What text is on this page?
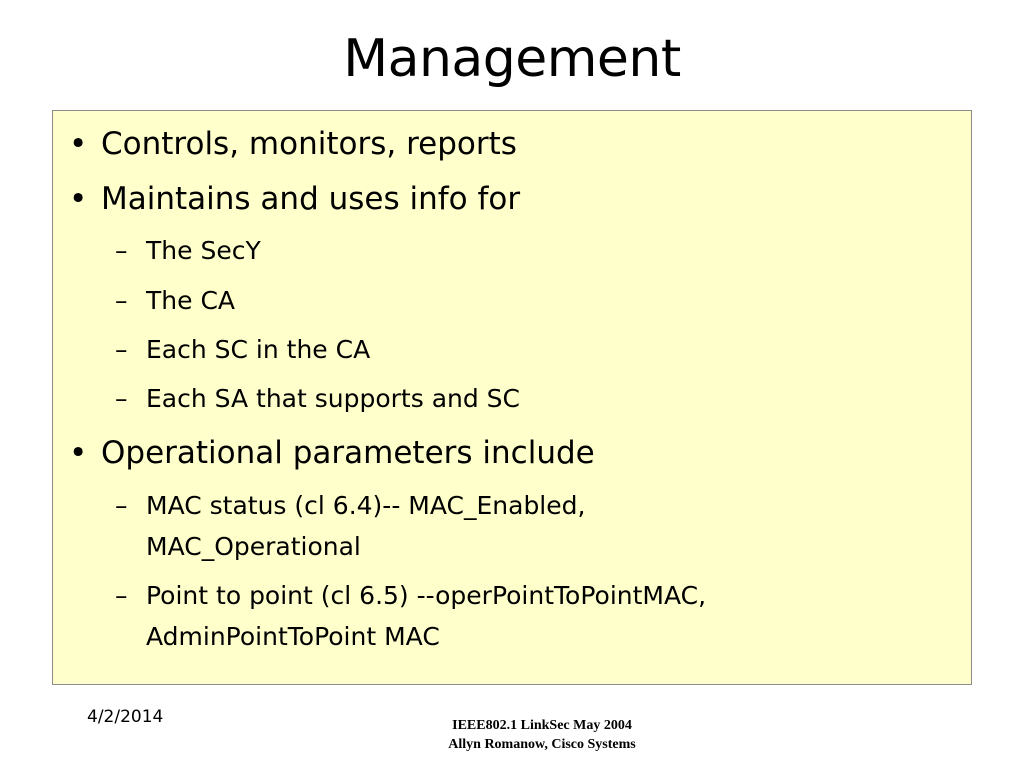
Management
• Controls, monitors, reports
• Maintains and uses info for
– The SecY
– The CA
– Each SC in the CA
– Each SA that supports and SC
• Operational parameters include
– MAC status (cl 6.4)-- MAC_Enabled,
MAC_Operational
– Point to point (cl 6.5) --operPointToPointMAC,
AdminPointToPoint MAC
4/2/2014	IEEE802.1 LinkSec May 2004
Allyn Romanow, Cisco Systems
